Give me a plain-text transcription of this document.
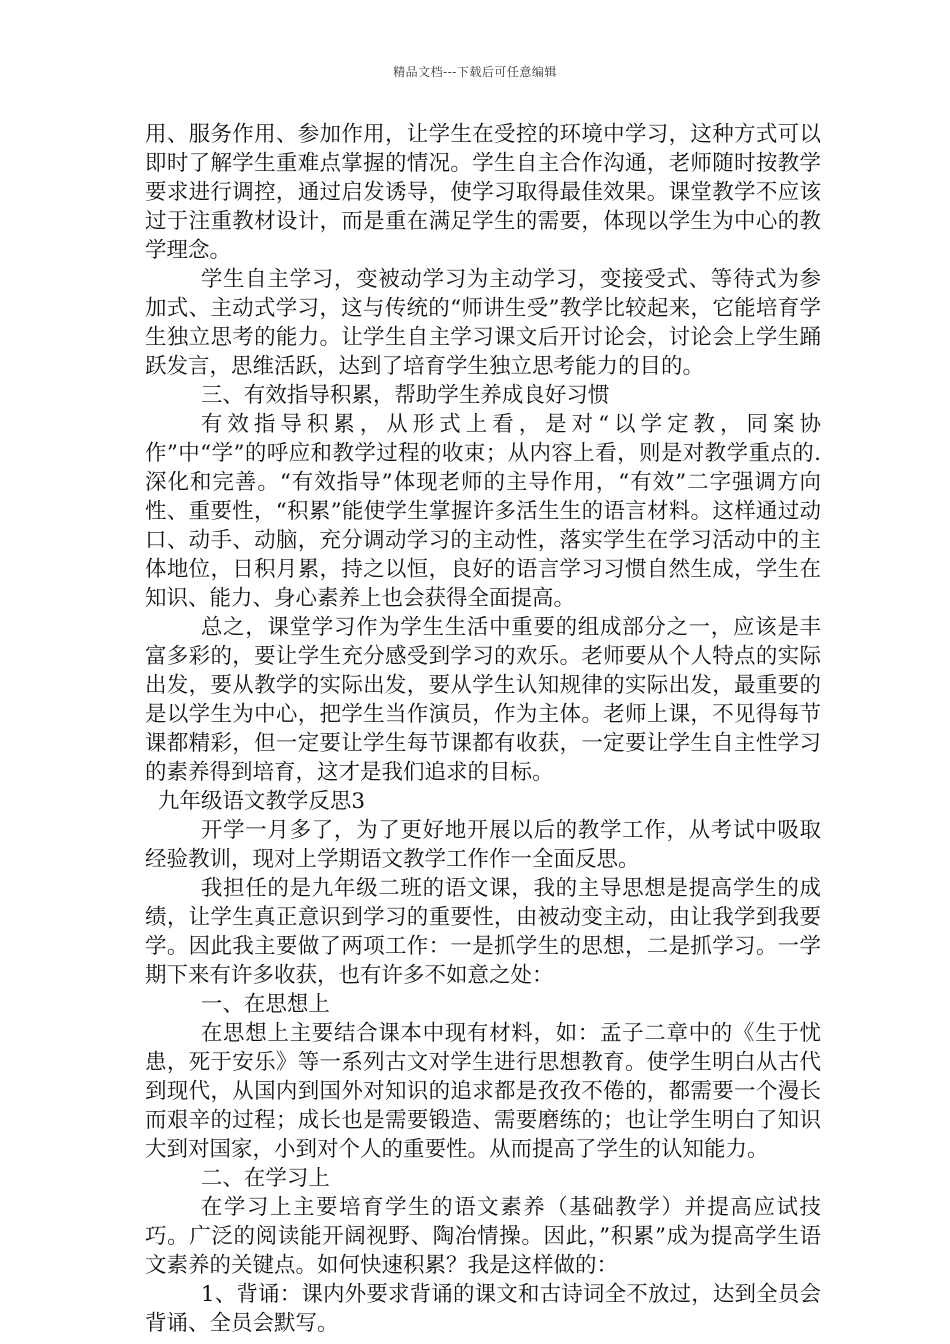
精品文档---下载后可任意编辑

用、服务作用、参加作用，让学生在受控的环境中学习，这种方式可以即时了解学生重难点掌握的情况。学生自主合作沟通，老师随时按教学要求进行调控，通过启发诱导，使学习取得最佳效果。课堂教学不应该过于注重教材设计，而是重在满足学生的需要，体现以学生为中心的教学理念。

学生自主学习，变被动学习为主动学习，变接受式、等待式为参加式、主动式学习，这与传统的“师讲生受”教学比较起来，它能培育学生独立思考的能力。让学生自主学习课文后开讨论会，讨论会上学生踊跃发言，思维活跃，达到了培育学生独立思考能力的目的。

三、有效指导积累，帮助学生养成良好习惯

有效指导积累，从形式上看，是对“以学定教，同案协作”中“学”的呼应和教学过程的收束；从内容上看，则是对教学重点的.深化和完善。“有效指导”体现老师的主导作用，“有效”二字强调方向性、重要性，“积累”能使学生掌握许多活生生的语言材料。这样通过动口、动手、动脑，充分调动学习的主动性，落实学生在学习活动中的主体地位，日积月累，持之以恒，良好的语言学习习惯自然生成，学生在知识、能力、身心素养上也会获得全面提高。

总之，课堂学习作为学生生活中重要的组成部分之一，应该是丰富多彩的，要让学生充分感受到学习的欢乐。老师要从个人特点的实际出发，要从教学的实际出发，要从学生认知规律的实际出发，最重要的是以学生为中心，把学生当作演员，作为主体。老师上课，不见得每节课都精彩，但一定要让学生每节课都有收获，一定要让学生自主性学习的素养得到培育，这才是我们追求的目标。

九年级语文教学反思3

开学一月多了，为了更好地开展以后的教学工作，从考试中吸取经验教训，现对上学期语文教学工作作一全面反思。

我担任的是九年级二班的语文课，我的主导思想是提高学生的成绩，让学生真正意识到学习的重要性，由被动变主动，由让我学到我要学。因此我主要做了两项工作：一是抓学生的思想，二是抓学习。一学期下来有许多收获，也有许多不如意之处：

一、在思想上

在思想上主要结合课本中现有材料，如：孟子二章中的《生于忧患，死于安乐》等一系列古文对学生进行思想教育。使学生明白从古代到现代，从国内到国外对知识的追求都是孜孜不倦的，都需要一个漫长而艰辛的过程；成长也是需要锻造、需要磨练的；也让学生明白了知识大到对国家，小到对个人的重要性。从而提高了学生的认知能力。

二、在学习上

在学习上主要培育学生的语文素养（基础教学）并提高应试技巧。广泛的阅读能开阔视野、陶冶情操。因此，”积累”成为提高学生语文素养的关键点。如何快速积累？我是这样做的：

1、背诵：课内外要求背诵的课文和古诗词全不放过，达到全员会背诵、全员会默写。
